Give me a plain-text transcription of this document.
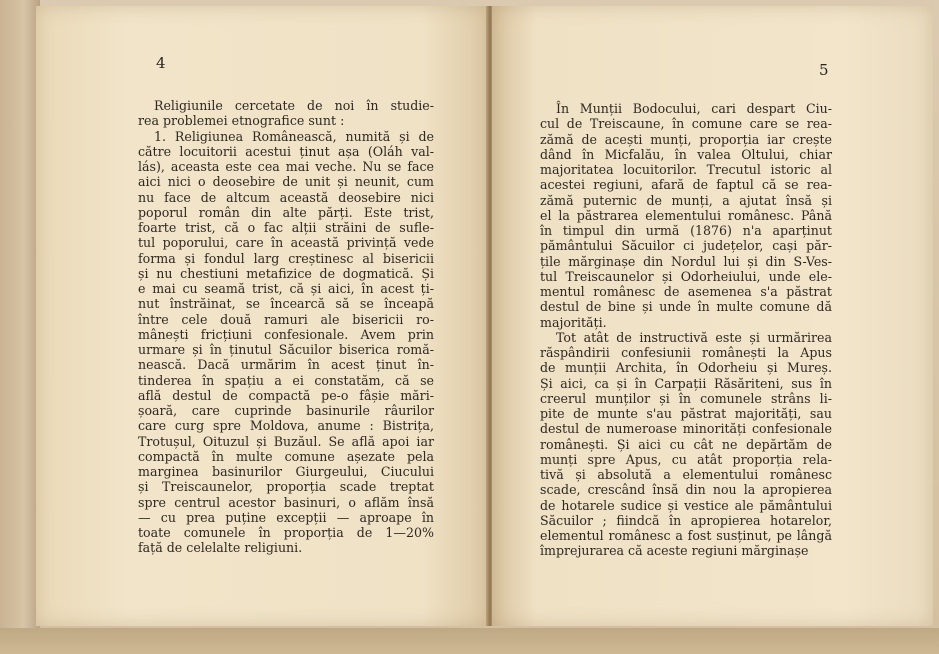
4
Religiunile cercetate de noi în studie-
rea problemei etnografice sunt :
1. Religiunea Românească, numită și de
către locuitorii acestui ținut așa (Oláh val-
lás), aceasta este cea mai veche. Nu se face
aici nici o deosebire de unit și neunit, cum
nu face de altcum această deosebire nici
poporul român din alte părți. Este trist,
foarte trist, că o fac alții străini de sufle-
tul poporului, care în această privință vede
forma și fondul larg creștinesc al bisericii
și nu chestiuni metafizice de dogmatică. Și
e mai cu seamă trist, că și aici, în acest ți-
nut înstrăinat, se încearcă să se înceapă
între cele două ramuri ale bisericii ro-
mânești fricțiuni confesionale. Avem prin
urmare și în ținutul Săcuilor biserica romă-
nească. Dacă urmărim în acest ținut în-
tinderea în spațiu a ei constatăm, că se
află destul de compactă pe-o fâșie mări-
șoară, care cuprinde basinurile râurilor
care curg spre Moldova, anume : Bistrița,
Trotușul, Oituzul și Buzăul. Se află apoi iar
compactă în multe comune așezate pela
marginea basinurilor Giurgeului, Ciucului
și Treiscaunelor, proporția scade treptat
spre centrul acestor basinuri, o aflăm însă
— cu prea puține excepții — aproape în
toate comunele în proporția de 1—20%
față de celelalte religiuni.
5
În Munții Bodocului, cari despart Ciu-
cul de Treiscaune, în comune care se rea-
zămă de acești munți, proporția iar crește
dând în Micfalău, în valea Oltului, chiar
majoritatea locuitorilor. Trecutul istoric al
acestei regiuni, afară de faptul că se rea-
zămă puternic de munți, a ajutat însă și
el la păstrarea elementului românesc. Până
în timpul din urmă (1876) n'a aparținut
pământului Săcuilor ci județelor, cași păr-
țile mărginașe din Nordul lui și din S-Ves-
tul Treiscaunelor și Odorheiului, unde ele-
mentul românesc de asemenea s'a păstrat
destul de bine și unde în multe comune dă
majorități.
Tot atât de instructivă este și urmărirea
răspândirii confesiunii românești la Apus
de munții Archita, în Odorheiu și Mureș.
Și aici, ca și în Carpații Răsăriteni, sus în
creerul munților și în comunele strâns li-
pite de munte s'au păstrat majorități, sau
destul de numeroase minorități confesionale
românești. Și aici cu cât ne depărtăm de
munți spre Apus, cu atât proporția rela-
tivă și absolută a elementului românesc
scade, crescând însă din nou la apropierea
de hotarele sudice și vestice ale pământului
Săcuilor ; fiindcă în apropierea hotarelor,
elementul românesc a fost susținut, pe lângă
împrejurarea că aceste regiuni mărginașe
